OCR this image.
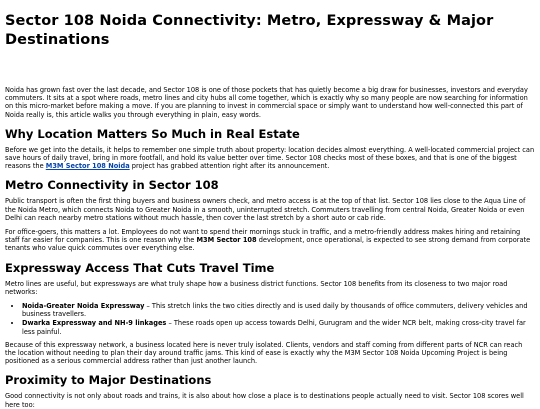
Sector 108 Noida Connectivity: Metro, Expressway & Major Destinations

Noida has grown fast over the last decade, and Sector 108 is one of those pockets that has quietly become a big draw for businesses, investors and everyday commuters. It sits at a spot where roads, metro lines and city hubs all come together, which is exactly why so many people are now searching for information on this micro-market before making a move. If you are planning to invest in commercial space or simply want to understand how well-connected this part of Noida really is, this article walks you through everything in plain, easy words.

Why Location Matters So Much in Real Estate

Before we get into the details, it helps to remember one simple truth about property: location decides almost everything. A well-located commercial project can save hours of daily travel, bring in more footfall, and hold its value better over time. Sector 108 checks most of these boxes, and that is one of the biggest reasons the M3M Sector 108 Noida project has grabbed attention right after its announcement.

Metro Connectivity in Sector 108

Public transport is often the first thing buyers and business owners check, and metro access is at the top of that list. Sector 108 lies close to the Aqua Line of the Noida Metro, which connects Noida to Greater Noida in a smooth, uninterrupted stretch. Commuters travelling from central Noida, Greater Noida or even Delhi can reach nearby metro stations without much hassle, then cover the last stretch by a short auto or cab ride.

For office-goers, this matters a lot. Employees do not want to spend their mornings stuck in traffic, and a metro-friendly address makes hiring and retaining staff far easier for companies. This is one reason why the M3M Sector 108 development, once operational, is expected to see strong demand from corporate tenants who value quick commutes over everything else.

Expressway Access That Cuts Travel Time

Metro lines are useful, but expressways are what truly shape how a business district functions. Sector 108 benefits from its closeness to two major road networks:

• Noida-Greater Noida Expressway – This stretch links the two cities directly and is used daily by thousands of office commuters, delivery vehicles and business travellers.
• Dwarka Expressway and NH-9 linkages – These roads open up access towards Delhi, Gurugram and the wider NCR belt, making cross-city travel far less painful.

Because of this expressway network, a business located here is never truly isolated. Clients, vendors and staff coming from different parts of NCR can reach the location without needing to plan their day around traffic jams. This kind of ease is exactly why the M3M Sector 108 Noida Upcoming Project is being positioned as a serious commercial address rather than just another launch.

Proximity to Major Destinations

Good connectivity is not only about roads and trains, it is also about how close a place is to destinations people actually need to visit. Sector 108 scores well here too:
